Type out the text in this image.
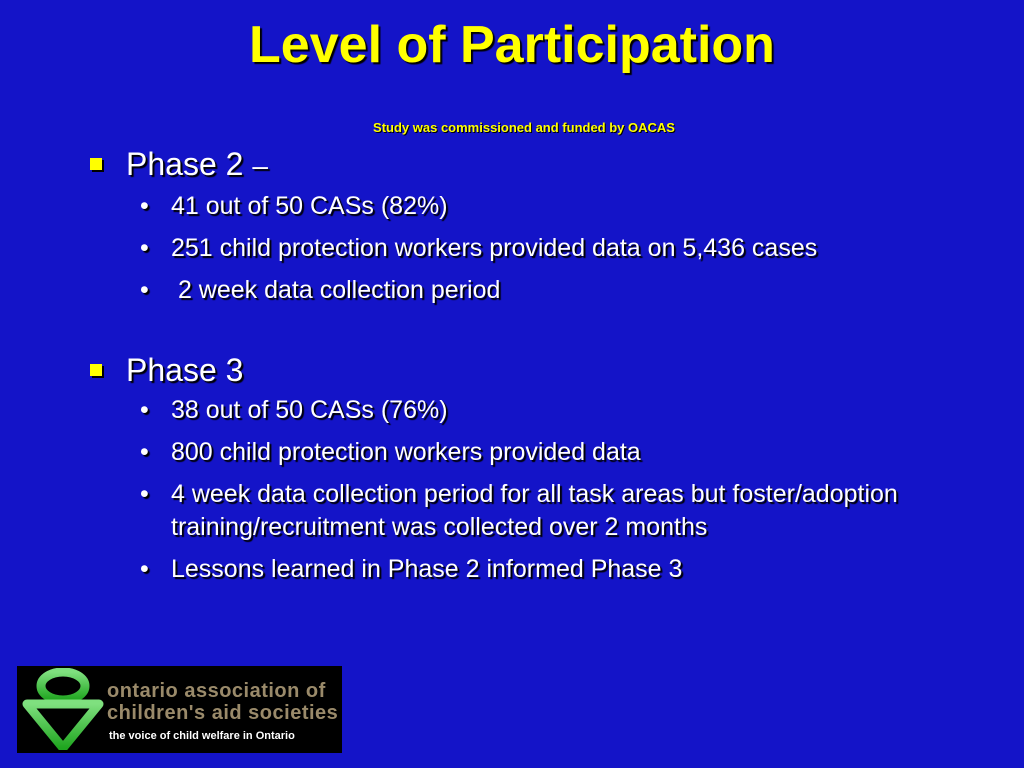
Level of Participation
Study was commissioned and funded by OACAS
Phase 2 –
• 41 out of 50 CASs (82%)
• 251 child protection workers provided data on 5,436 cases
• 2 week data collection period
Phase 3
• 38 out of 50 CASs (76%)
• 800 child protection workers provided data
• 4 week data collection period for all task areas but foster/adoption training/recruitment was collected over 2 months
• Lessons learned in Phase 2 informed Phase 3
ontario association of
children's aid societies
the voice of child welfare in Ontario
